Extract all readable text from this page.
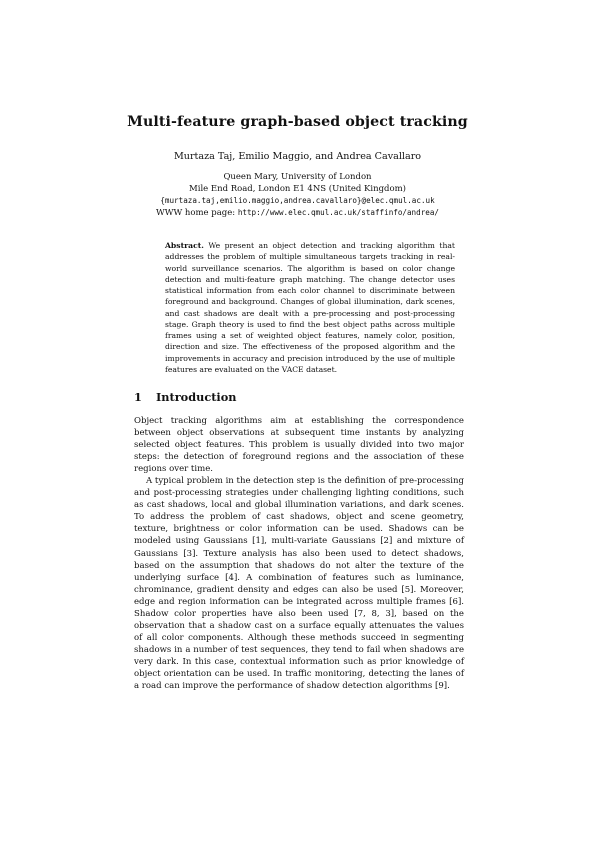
Multi-feature graph-based object tracking
Murtaza Taj, Emilio Maggio, and Andrea Cavallaro
Queen Mary, University of London
Mile End Road, London E1 4NS (United Kingdom)
{murtaza.taj,emilio.maggio,andrea.cavallaro}@elec.qmul.ac.uk
WWW home page: http://www.elec.qmul.ac.uk/staffinfo/andrea/
Abstract. We present an object detection and tracking algorithm that addresses the problem of multiple simultaneous targets tracking in real-world surveillance scenarios. The algorithm is based on color change detection and multi-feature graph matching. The change detector uses statistical information from each color channel to discriminate between foreground and background. Changes of global illumination, dark scenes, and cast shadows are dealt with a pre-processing and post-processing stage. Graph theory is used to find the best object paths across multiple frames using a set of weighted object features, namely color, position, direction and size. The effectiveness of the proposed algorithm and the improvements in accuracy and precision introduced by the use of multiple features are evaluated on the VACE dataset.
1 Introduction

Object tracking algorithms aim at establishing the correspondence between object observations at subsequent time instants by analyzing selected object features. This problem is usually divided into two major steps: the detection of foreground regions and the association of these regions over time.

A typical problem in the detection step is the definition of pre-processing and post-processing strategies under challenging lighting conditions, such as cast shadows, local and global illumination variations, and dark scenes. To address the problem of cast shadows, object and scene geometry, texture, brightness or color information can be used. Shadows can be modeled using Gaussians [1], multi-variate Gaussians [2] and mixture of Gaussians [3]. Texture analysis has also been used to detect shadows, based on the assumption that shadows do not alter the texture of the underlying surface [4]. A combination of features such as luminance, chrominance, gradient density and edges can also be used [5]. Moreover, edge and region information can be integrated across multiple frames [6]. Shadow color properties have also been used [7, 8, 3], based on the observation that a shadow cast on a surface equally attenuates the values of all color components. Although these methods succeed in segmenting shadows in a number of test sequences, they tend to fail when shadows are very dark. In this case, contextual information such as prior knowledge of object orientation can be used. In traffic monitoring, detecting the lanes of a road can improve the performance of shadow detection algorithms [9].
